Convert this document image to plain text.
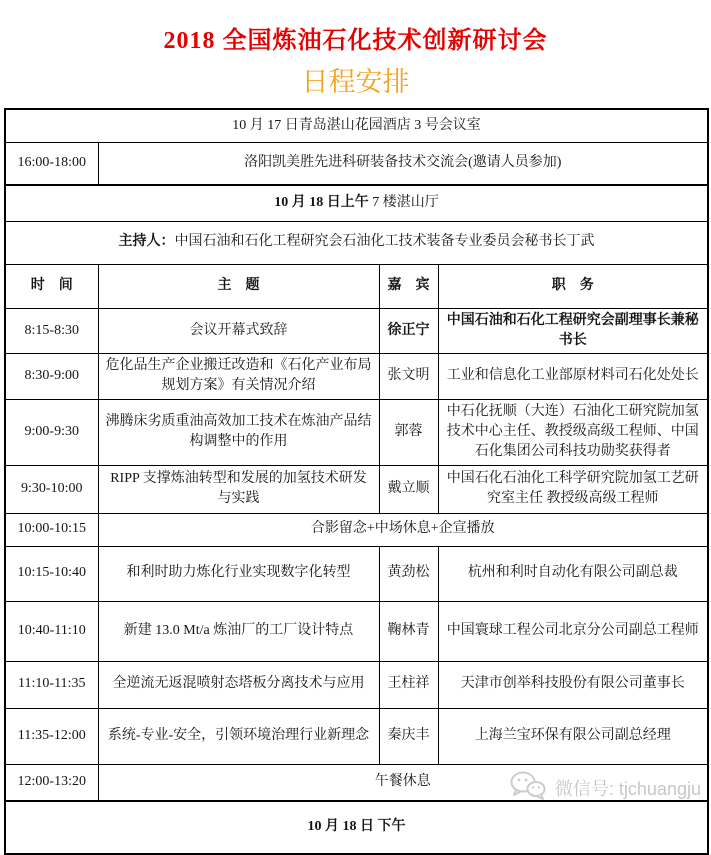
2018 全国炼油石化技术创新研讨会
日程安排
10 月 17 日青岛湛山花园酒店 3 号会议室			
16:00-18:00	洛阳凯美胜先进科研装备技术交流会(邀请人员参加)		
10 月 18 日上午 7 楼湛山厅			
主持人：中国石油和石化工程研究会石油化工技术装备专业委员会秘书长丁武			
时　间	主　题	嘉　宾	职　务
8:15-8:30	会议开幕式致辞	徐正宁	中国石油和石化工程研究会副理事长兼秘书长
8:30-9:00	危化品生产企业搬迁改造和《石化产业布局规划方案》有关情况介绍	张文明	工业和信息化工业部原材料司石化处处长
9:00-9:30	沸腾床劣质重油高效加工技术在炼油产品结构调整中的作用	郭蓉	中石化抚顺（大连）石油化工研究院加氢技术中心主任、教授级高级工程师、中国石化集团公司科技功勋奖获得者
9:30-10:00	RIPP 支撑炼油转型和发展的加氢技术研发与实践	戴立顺	中国石化石油化工科学研究院加氢工艺研究室主任 教授级高级工程师
10:00-10:15	合影留念+中场休息+企宣播放		
10:15-10:40	和利时助力炼化行业实现数字化转型	黄劲松	杭州和利时自动化有限公司副总裁
10:40-11:10	新建 13.0 Mt/a 炼油厂的工厂设计特点	鞠林青	中国寰球工程公司北京分公司副总工程师
11:10-11:35	全逆流无返混喷射态塔板分离技术与应用	王柱祥	天津市创举科技股份有限公司董事长
11:35-12:00	系统-专业-安全，引领环境治理行业新理念	秦庆丰	上海兰宝环保有限公司副总经理
12:00-13:20	午餐休息		
10 月 18 日 下午			
微信号: tjchuangju
